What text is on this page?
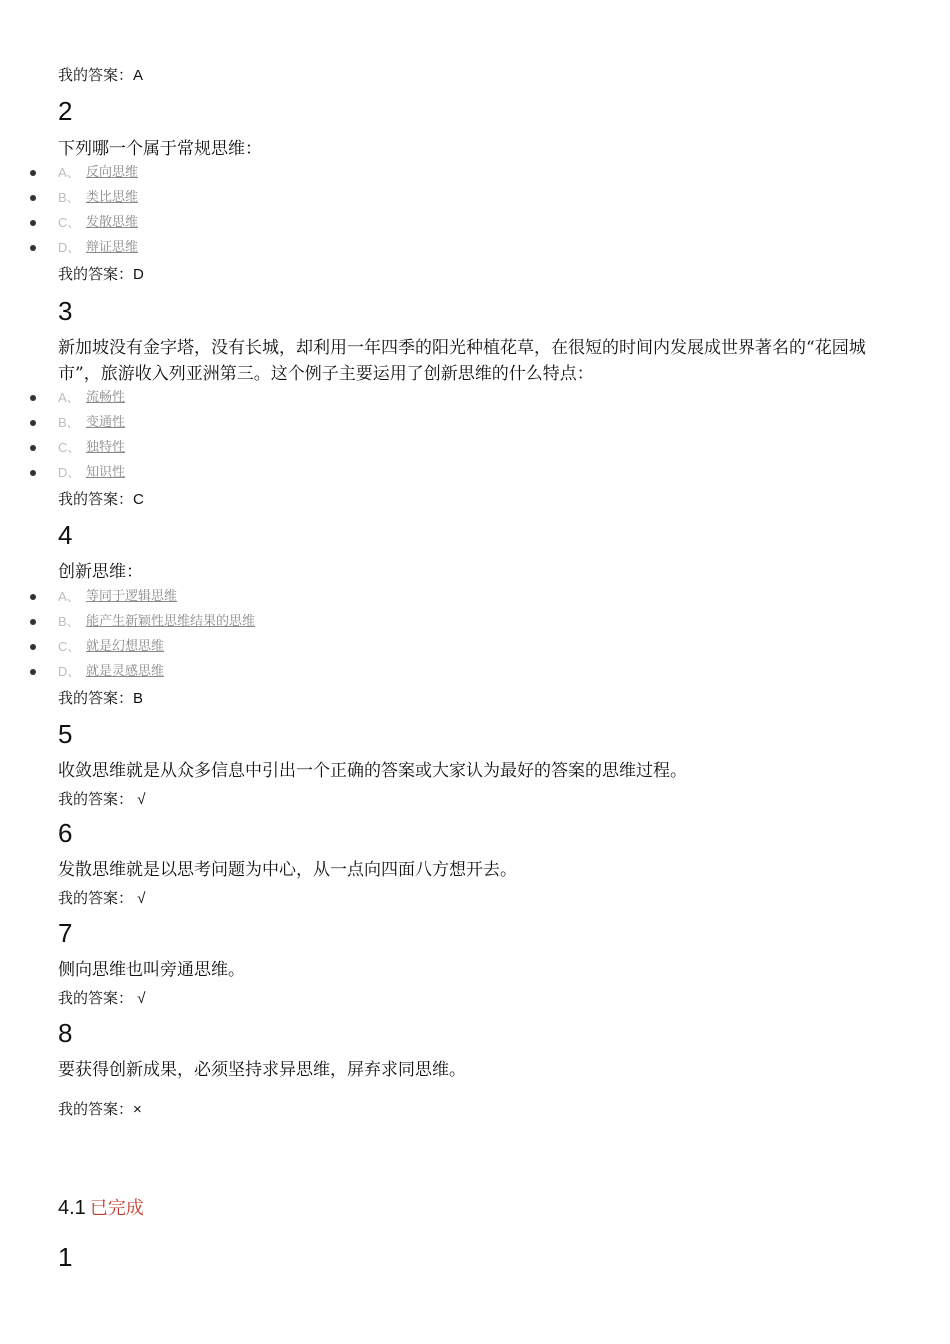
我的答案：A
2
下列哪一个属于常规思维：
A、 反向思维
B、 类比思维
C、 发散思维
D、 辩证思维
我的答案：D
3
新加坡没有金字塔，没有长城，却利用一年四季的阳光种植花草，在很短的时间内发展成世界著名的“花园城市”，旅游收入列亚洲第三。这个例子主要运用了创新思维的什么特点：
A、 流畅性
B、 变通性
C、 独特性
D、 知识性
我的答案：C
4
创新思维：
A、 等同于逻辑思维
B、 能产生新颖性思维结果的思维
C、 就是幻想思维
D、 就是灵感思维
我的答案：B
5
收敛思维就是从众多信息中引出一个正确的答案或大家认为最好的答案的思维过程。
我的答案： √
6
发散思维就是以思考问题为中心，从一点向四面八方想开去。
我的答案： √
7
侧向思维也叫旁通思维。
我的答案： √
8
要获得创新成果，必须坚持求异思维，屏弃求同思维。
我的答案：×
4.1 已完成
1
